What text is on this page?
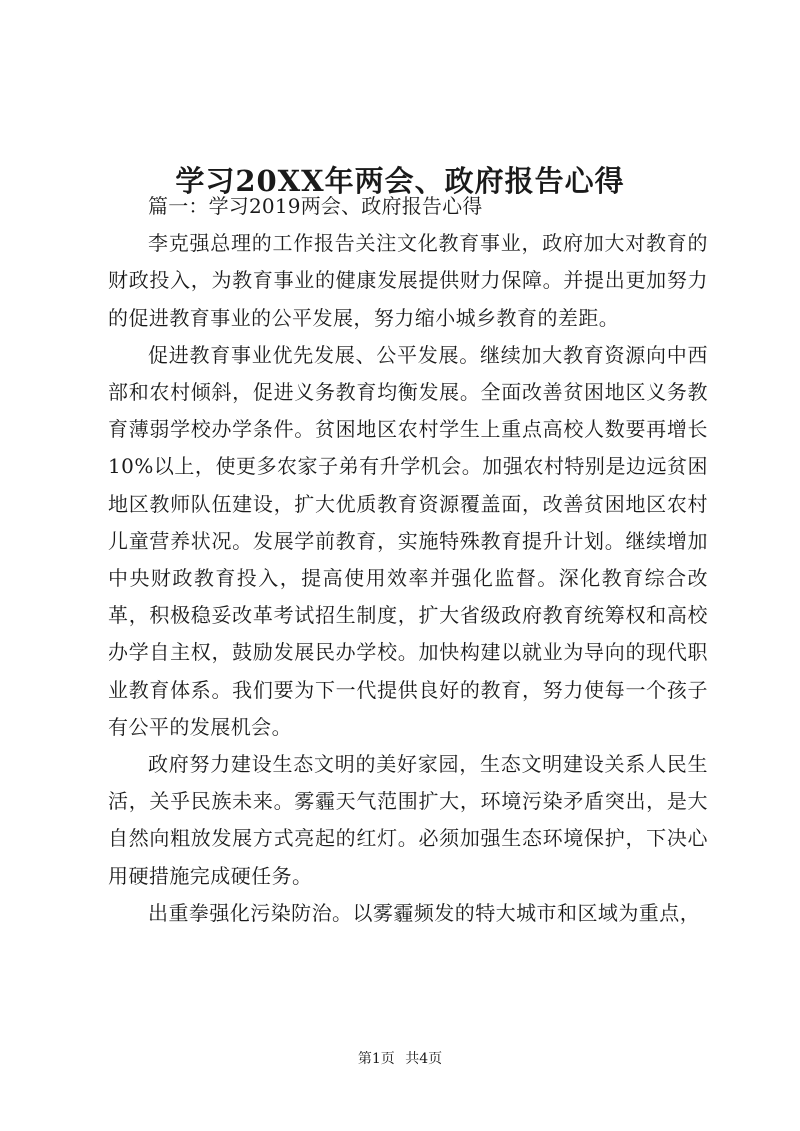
学习20XX年两会、政府报告心得

篇一：学习2019两会、政府报告心得

李克强总理的工作报告关注文化教育事业，政府加大对教育的财政投入，为教育事业的健康发展提供财力保障。并提出更加努力的促进教育事业的公平发展，努力缩小城乡教育的差距。

促进教育事业优先发展、公平发展。继续加大教育资源向中西部和农村倾斜，促进义务教育均衡发展。全面改善贫困地区义务教育薄弱学校办学条件。贫困地区农村学生上重点高校人数要再增长10%以上，使更多农家子弟有升学机会。加强农村特别是边远贫困地区教师队伍建设，扩大优质教育资源覆盖面，改善贫困地区农村儿童营养状况。发展学前教育，实施特殊教育提升计划。继续增加中央财政教育投入，提高使用效率并强化监督。深化教育综合改革，积极稳妥改革考试招生制度，扩大省级政府教育统筹权和高校办学自主权，鼓励发展民办学校。加快构建以就业为导向的现代职业教育体系。我们要为下一代提供良好的教育，努力使每一个孩子有公平的发展机会。

政府努力建设生态文明的美好家园，生态文明建设关系人民生活，关乎民族未来。雾霾天气范围扩大，环境污染矛盾突出，是大自然向粗放发展方式亮起的红灯。必须加强生态环境保护，下决心用硬措施完成硬任务。

出重拳强化污染防治。以雾霾频发的特大城市和区域为重点，

第1页 共4页
